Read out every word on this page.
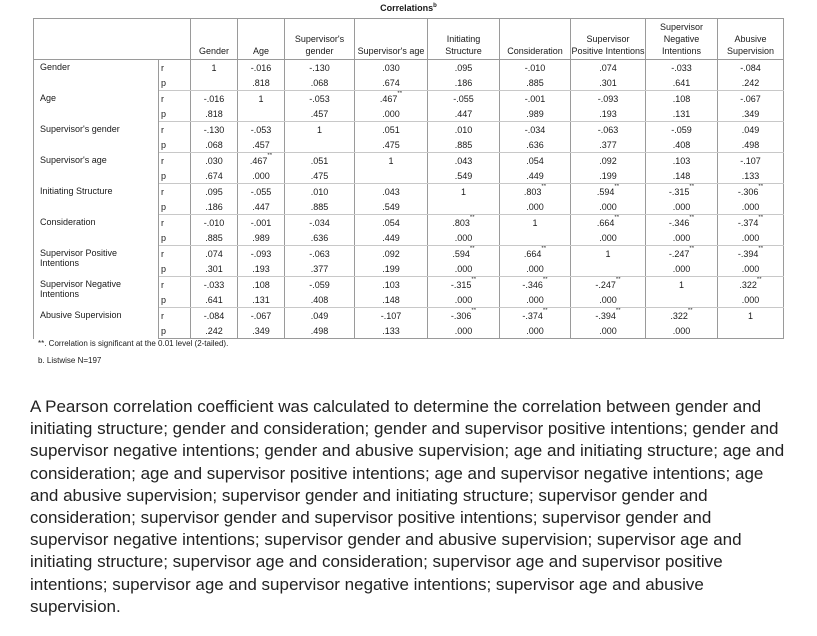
Correlations$^b$

		Gender	Age	Supervisor's gender	Supervisor's age	Initiating Structure	Consideration	Supervisor Positive Intentions	Supervisor Negative Intentions	Abusive Supervision

Gender	r	1	-.016	-.130	.030	.095	-.010	.074	-.033	-.084
	p		.818	.068	.674	.186	.885	.301	.641	.242
Age	r	-.016	1	-.053	.467**	-.055	-.001	-.093	.108	-.067
	p	.818		.457	.000	.447	.989	.193	.131	.349
Supervisor's gender	r	-.130	-.053	1	.051	.010	-.034	-.063	-.059	.049
	p	.068	.457		.475	.885	.636	.377	.408	.498
Supervisor's age	r	.030	.467**	.051	1	.043	.054	.092	.103	-.107
	p	.674	.000	.475		.549	.449	.199	.148	.133
Initiating Structure	r	.095	-.055	.010	.043	1	.803**	.594**	-.315**	-.306**
	p	.186	.447	.885	.549		.000	.000	.000	.000
Consideration	r	-.010	-.001	-.034	.054	.803**	1	.664**	-.346**	-.374**
	p	.885	.989	.636	.449	.000		.000	.000	.000
Supervisor Positive Intentions	r	.074	-.093	-.063	.092	.594**	.664**	1	-.247**	-.394**
	p	.301	.193	.377	.199	.000	.000		.000	.000
Supervisor Negative Intentions	r	-.033	.108	-.059	.103	-.315**	-.346**	-.247**	1	.322**
	p	.641	.131	.408	.148	.000	.000	.000		.000
Abusive Supervision	r	-.084	-.067	.049	-.107	-.306**	-.374**	-.394**	.322**	1
	p	.242	.349	.498	.133	.000	.000	.000	.000	
**. Correlation is significant at the 0.01 level (2-tailed).
b. Listwise N=197
A Pearson correlation coefficient was calculated to determine the correlation between gender and initiating structure; gender and consideration; gender and supervisor positive intentions; gender and supervisor negative intentions; gender and abusive supervision; age and initiating structure; age and consideration; age and supervisor positive intentions; age and supervisor negative intentions; age and abusive supervision; supervisor gender and initiating structure; supervisor gender and consideration; supervisor gender and supervisor positive intentions; supervisor gender and supervisor negative intentions; supervisor gender and abusive supervision; supervisor age and initiating structure; supervisor age and consideration; supervisor age and supervisor positive intentions; supervisor age and supervisor negative intentions; supervisor age and abusive supervision.
